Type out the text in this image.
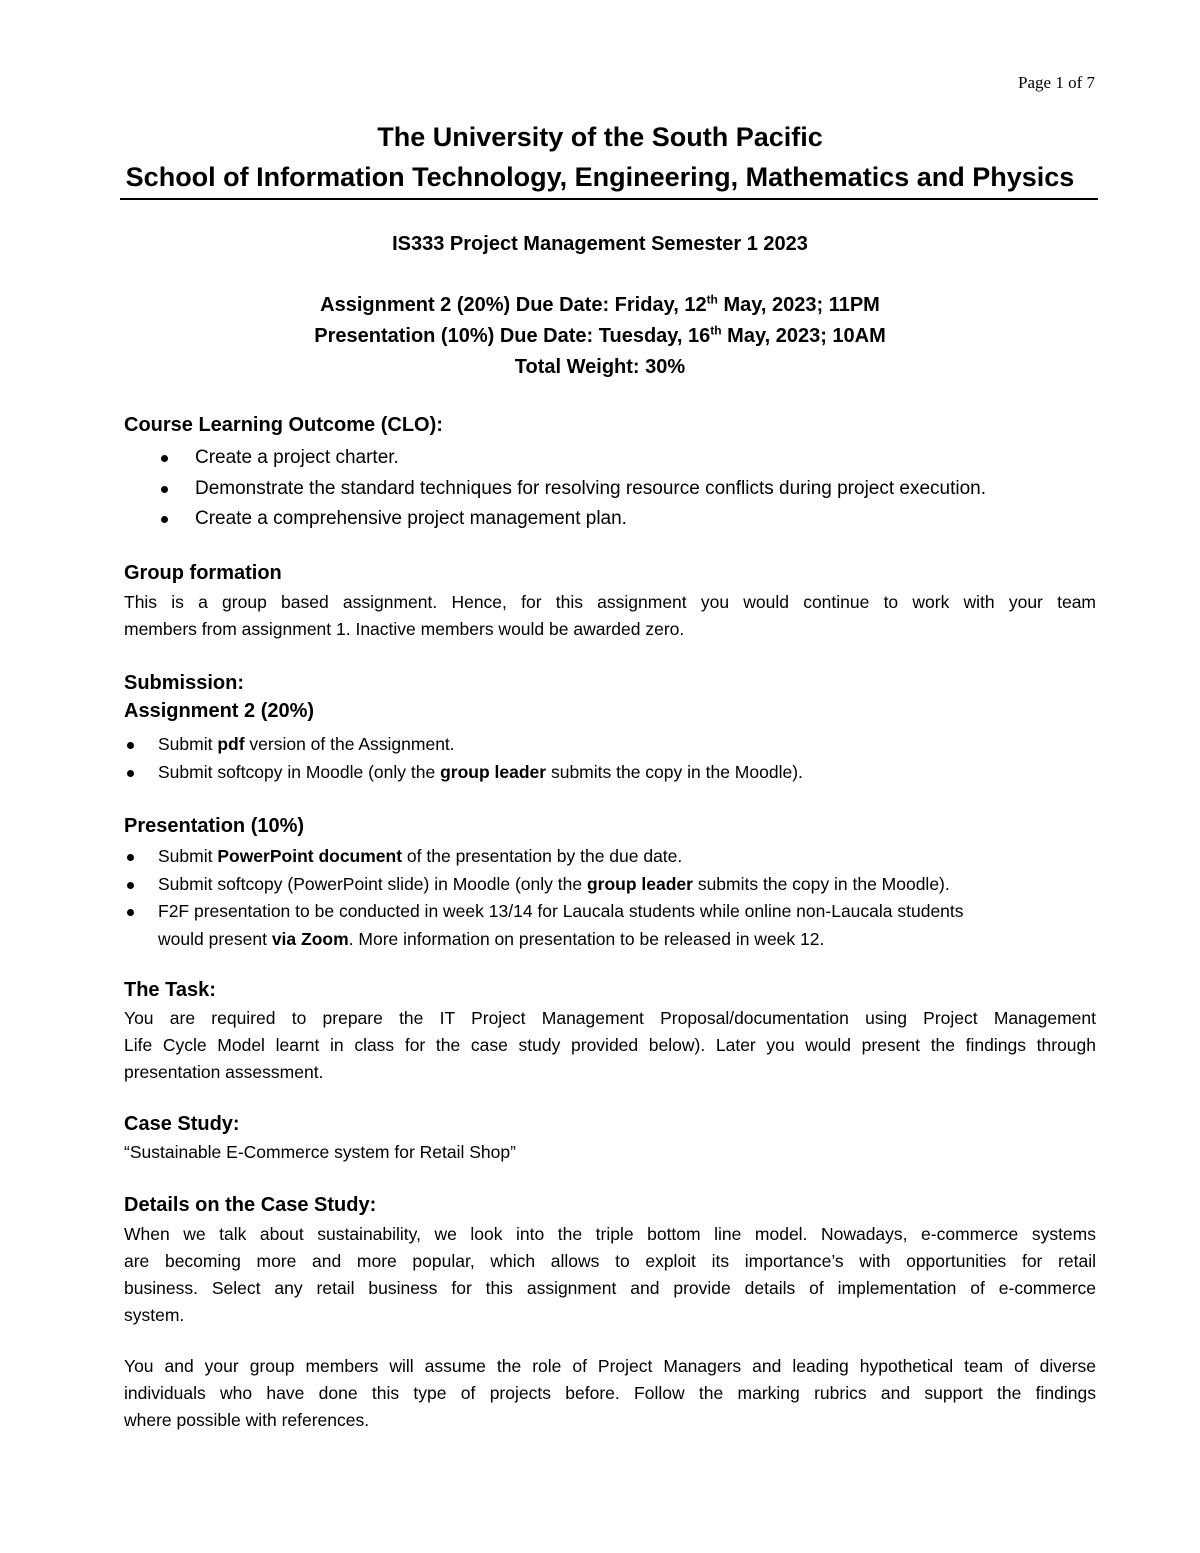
Page 1 of 7
The University of the South Pacific
School of Information Technology, Engineering, Mathematics and Physics
IS333 Project Management Semester 1 2023
Assignment 2 (20%) Due Date: Friday, 12th May, 2023; 11PM
Presentation (10%) Due Date: Tuesday, 16th May, 2023; 10AM
Total Weight: 30%
Course Learning Outcome (CLO):
Create a project charter.
Demonstrate the standard techniques for resolving resource conflicts during project execution.
Create a comprehensive project management plan.
Group formation
This is a group based assignment. Hence, for this assignment you would continue to work with your team
members from assignment 1. Inactive members would be awarded zero.
Submission:
Assignment 2 (20%)
Submit pdf version of the Assignment.
Submit softcopy in Moodle (only the group leader submits the copy in the Moodle).
Presentation (10%)
Submit PowerPoint document of the presentation by the due date.
Submit softcopy (PowerPoint slide) in Moodle (only the group leader submits the copy in the Moodle).
F2F presentation to be conducted in week 13/14 for Laucala students while online non-Laucala students
would present via Zoom. More information on presentation to be released in week 12.
The Task:
You are required to prepare the IT Project Management Proposal/documentation using Project Management
Life Cycle Model learnt in class for the case study provided below). Later you would present the findings through
presentation assessment.
Case Study:
“Sustainable E-Commerce system for Retail Shop”
Details on the Case Study:
When we talk about sustainability, we look into the triple bottom line model. Nowadays, e-commerce systems
are becoming more and more popular, which allows to exploit its importance’s with opportunities for retail
business. Select any retail business for this assignment and provide details of implementation of e-commerce
system.
You and your group members will assume the role of Project Managers and leading hypothetical team of diverse
individuals who have done this type of projects before. Follow the marking rubrics and support the findings
where possible with references.
